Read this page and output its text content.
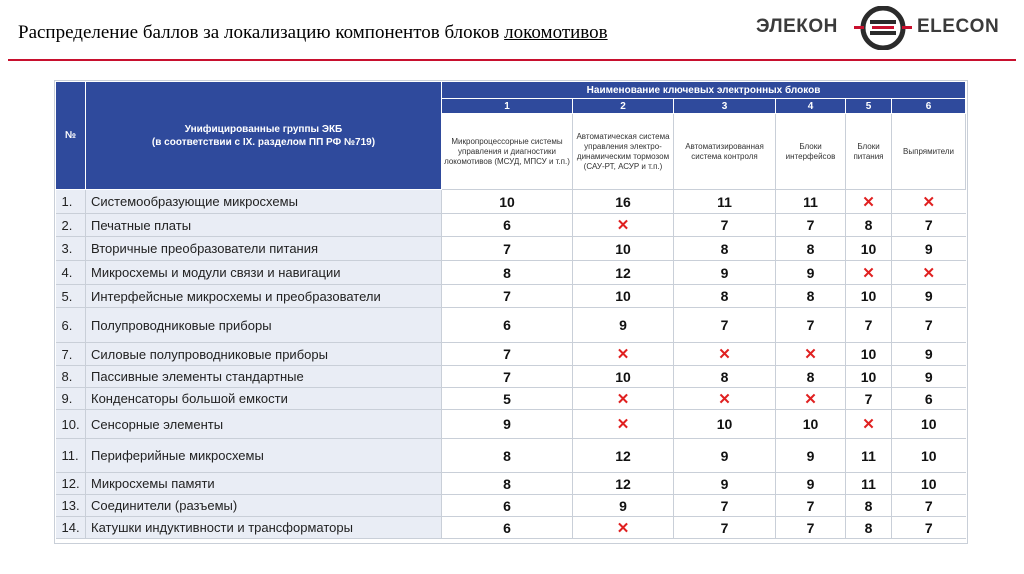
Распределение баллов за локализацию компонентов блоков локомотивов	ЭЛЕКОН	ELECON
№	Унифицированные группы ЭКБ
(в соответствии с IX. разделом ПП РФ №719)	Наименование ключевых электронных блоков					
		1	2	3	4	5	6
		Микропроцессорные системы управления и диагностики локомотивов (МСУД, МПСУ и т.п.)	Автоматическая система управления электро-динамическим тормозом (САУ-РТ, АСУР и т.п.)	Автоматизированная система контроля	Блоки интерфейсов	Блоки питания	Выпрямители
1.	Системообразующие микросхемы	10	16	11	11	✕	✕
2.	Печатные платы	6	✕	7	7	8	7
3.	Вторичные преобразователи питания	7	10	8	8	10	9
4.	Микросхемы и модули связи и навигации	8	12	9	9	✕	✕
5.	Интерфейсные микросхемы и преобразователи	7	10	8	8	10	9
6.	Полупроводниковые приборы	6	9	7	7	7	7
7.	Силовые полупроводниковые приборы	7	✕	✕	✕	10	9
8.	Пассивные элементы стандартные	7	10	8	8	10	9
9.	Конденсаторы большой емкости	5	✕	✕	✕	7	6
10.	Сенсорные элементы	9	✕	10	10	✕	10
11.	Периферийные микросхемы	8	12	9	9	11	10
12.	Микросхемы памяти	8	12	9	9	11	10
13.	Соединители (разъемы)	6	9	7	7	8	7
14.	Катушки индуктивности и трансформаторы	6	✕	7	7	8	7
